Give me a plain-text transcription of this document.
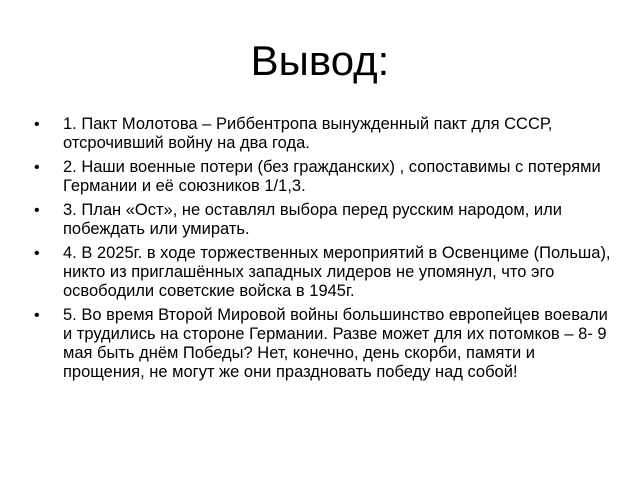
Вывод:
• 1. Пакт Молотова – Риббентропа вынужденный пакт для СССР, отсрочивший войну на два года.
• 2. Наши военные потери (без гражданских) , сопоставимы с потерями Германии и её союзников 1/1,3.
• 3. План «Ост», не оставлял выбора перед русским народом, или побеждать или умирать.
• 4. В 2025г. в ходе торжественных мероприятий в Освенциме (Польша), никто из приглашённых западных лидеров не упомянул, что эго освободили советские войска в 1945г.
• 5. Во время Второй Мировой войны большинство европейцев воевали и трудились на стороне Германии. Разве может для их потомков – 8- 9 мая быть днём Победы? Нет, конечно, день скорби, памяти и прощения, не могут же они праздновать победу над собой!
